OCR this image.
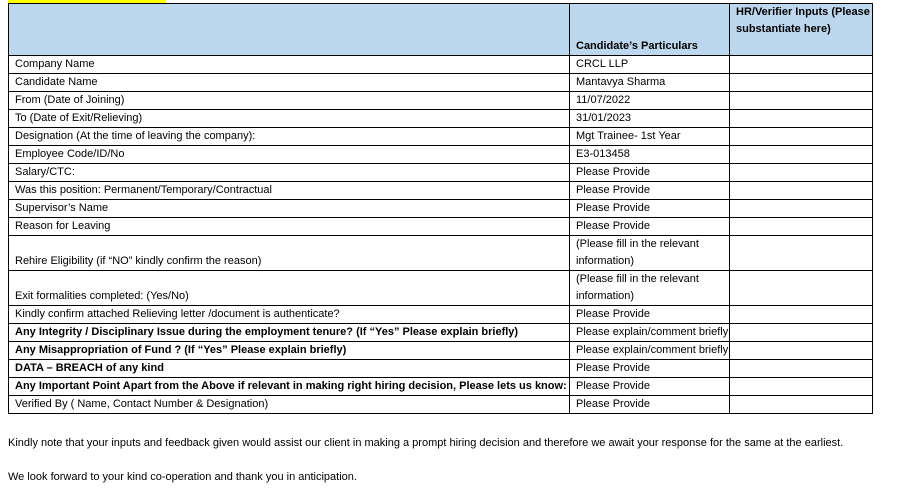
	Candidate’s Particulars	HR/Verifier Inputs (Please substantiate here)
Company Name	CRCL LLP	
Candidate Name	Mantavya Sharma	
From (Date of Joining)	11/07/2022	
To (Date of Exit/Relieving)	31/01/2023	
Designation (At the time of leaving the company):	Mgt Trainee- 1st Year	
Employee Code/ID/No	E3-013458	
Salary/CTC:	Please Provide	
Was this position: Permanent/Temporary/Contractual	Please Provide	
Supervisor’s Name	Please Provide	
Reason for Leaving	Please Provide	
Rehire Eligibility (if “NO” kindly confirm the reason)	(Please fill in the relevant information)	
Exit formalities completed: (Yes/No)	(Please fill in the relevant information)	
Kindly confirm attached Relieving letter /document is authenticate?	Please Provide	
Any Integrity / Disciplinary Issue during the employment tenure? (If “Yes” Please explain briefly)	Please explain/comment briefly	
Any Misappropriation of Fund ? (If “Yes” Please explain briefly)	Please explain/comment briefly	
DATA – BREACH of any kind	Please Provide	
Any Important Point Apart from the Above if relevant in making right hiring decision, Please lets us know:	Please Provide	
Verified By ( Name, Contact Number & Designation)	Please Provide	
Kindly note that your inputs and feedback given would assist our client in making a prompt hiring decision and therefore we await your response for the same at the earliest.
We look forward to your kind co-operation and thank you in anticipation.
